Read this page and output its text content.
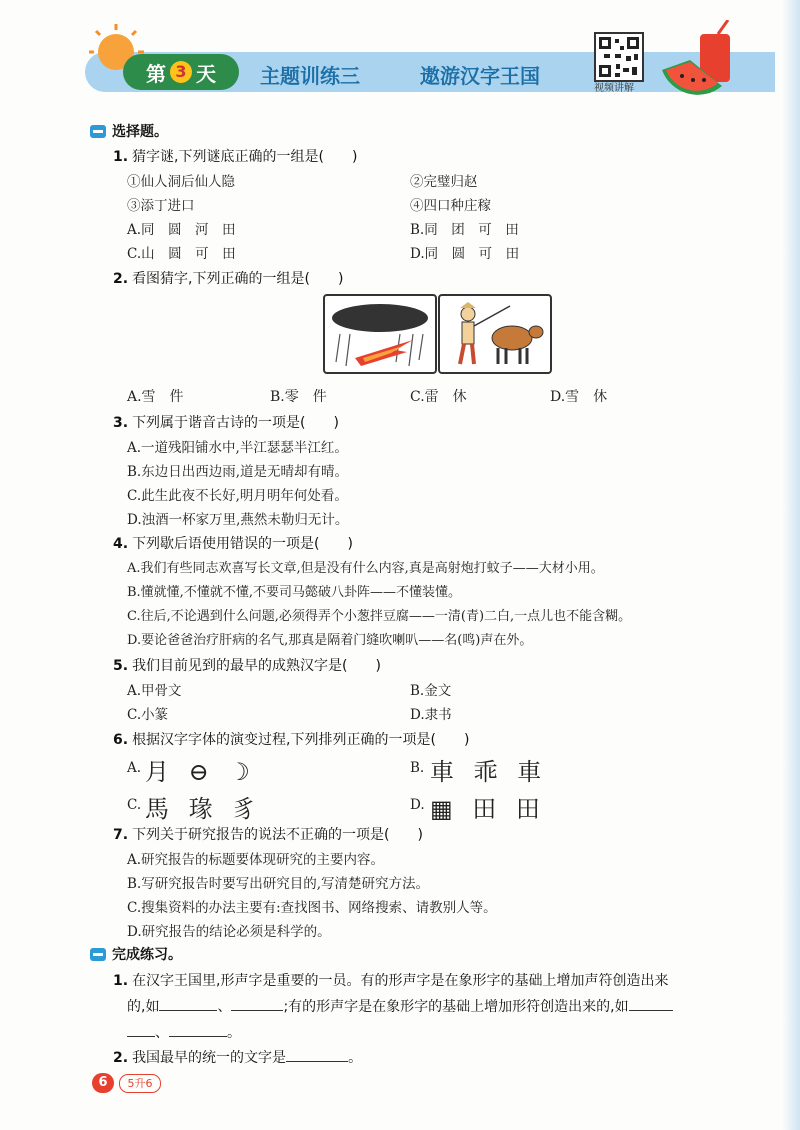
第 3 天 主题训练三	遨游汉字王国
视频讲解
选择题。
1. 猜字谜,下列谜底正确的一组是(　　)
①仙人洞后仙人隐	②完璧归赵
③添丁进口	④四口种庄稼
A.同　圆　河　田	B.同　团　可　田
C.山　圆　可　田	D.同　圆　可　田
2. 看图猜字,下列正确的一组是(　　)
A.雪　件	B.零　件	C.雷　休	D.雪　休
3. 下列属于谐音古诗的一项是(　　)
A.一道残阳铺水中,半江瑟瑟半江红。
B.东边日出西边雨,道是无晴却有晴。
C.此生此夜不长好,明月明年何处看。
D.浊酒一杯家万里,燕然未勒归无计。
4. 下列歇后语使用错误的一项是(　　)
A.我们有些同志欢喜写长文章,但是没有什么内容,真是高射炮打蚊子——大材小用。
B.懂就懂,不懂就不懂,不要司马懿破八卦阵——不懂装懂。
C.往后,不论遇到什么问题,必须得弄个小葱拌豆腐——一清(青)二白,一点儿也不能含糊。
D.要论爸爸治疗肝病的名气,那真是隔着门缝吹喇叭——名(鸣)声在外。
5. 我们目前见到的最早的成熟汉字是(　　)
A.甲骨文	B.金文
C.小篆	D.隶书
6. 根据汉字字体的演变过程,下列排列正确的一项是(　　)
A. 月 ⊖ ☽	B. 車 乖 車
C. 馬 瑑 豸	D. ▦ 田 田
7. 下列关于研究报告的说法不正确的一项是(　　)
A.研究报告的标题要体现研究的主要内容。
B.写研究报告时要写出研究目的,写清楚研究方法。
C.搜集资料的办法主要有:查找图书、网络搜索、请教别人等。
D.研究报告的结论必须是科学的。
完成练习。
1. 在汉字王国里,形声字是重要的一员。有的形声字是在象形字的基础上增加声符创造出来
的,如	、	;有的形声字是在象形字的基础上增加形符创造出来的,如
、	。
2. 我国最早的统一的文字是	。
6	5升6
